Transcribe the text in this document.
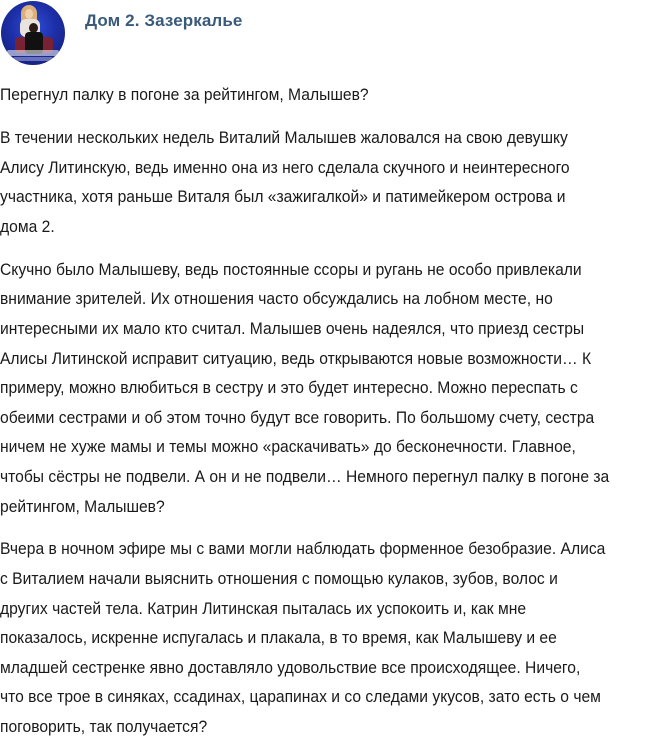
Дом 2. Зазеркалье

Перегнул палку в погоне за рейтингом, Малышев?

В течении нескольких недель Виталий Малышев жаловался на свою девушку

Алису Литинскую, ведь именно она из него сделала скучного и неинтересного

участника, хотя раньше Виталя был «зажигалкой» и патимейкером острова и

дома 2.

Скучно было Малышеву, ведь постоянные ссоры и ругань не особо привлекали

внимание зрителей. Их отношения часто обсуждались на лобном месте, но

интересными их мало кто считал. Малышев очень надеялся, что приезд сестры

Алисы Литинской исправит ситуацию, ведь открываются новые возможности… К

примеру, можно влюбиться в сестру и это будет интересно. Можно переспать с

обеими сестрами и об этом точно будут все говорить. По большому счету, сестра

ничем не хуже мамы и темы можно «раскачивать» до бесконечности. Главное,

чтобы сёстры не подвели. А он и не подвели… Немного перегнул палку в погоне за

рейтингом, Малышев?

Вчера в ночном эфире мы с вами могли наблюдать форменное безобразие. Алиса

с Виталием начали выяснить отношения с помощью кулаков, зубов, волос и

других частей тела. Катрин Литинская пыталась их успокоить и, как мне

показалось, искренне испугалась и плакала, в то время, как Малышеву и ее

младшей сестренке явно доставляло удовольствие все происходящее. Ничего,

что все трое в синяках, ссадинах, царапинах и со следами укусов, зато есть о чем

поговорить, так получается?
